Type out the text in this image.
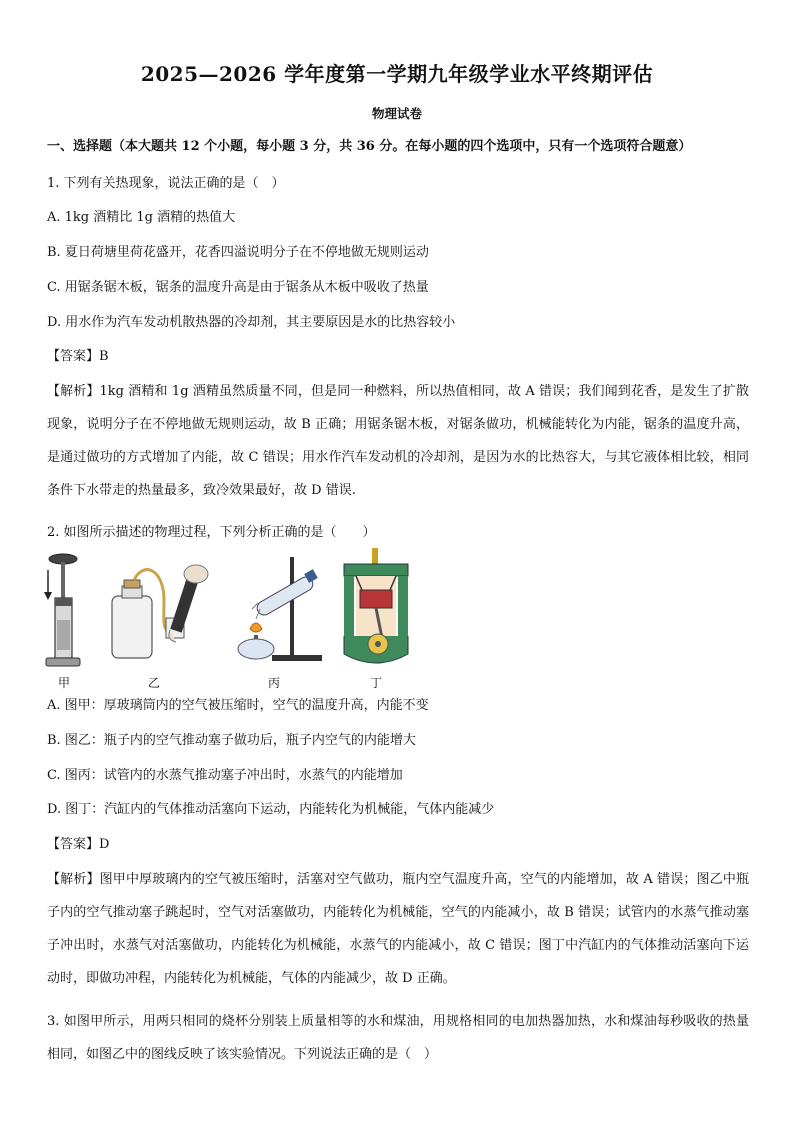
2025—2026 学年度第一学期九年级学业水平终期评估
物理试卷
一、选择题（本大题共 12 个小题，每小题 3 分，共 36 分。在每小题的四个选项中，只有一个选项符合题意）
1. 下列有关热现象，说法正确的是（　）
A. 1kg 酒精比 1g 酒精的热值大
B. 夏日荷塘里荷花盛开，花香四溢说明分子在不停地做无规则运动
C. 用锯条锯木板，锯条的温度升高是由于锯条从木板中吸收了热量
D. 用水作为汽车发动机散热器的冷却剂，其主要原因是水的比热容较小
【答案】B
【解析】1kg 酒精和 1g 酒精虽然质量不同，但是同一种燃料，所以热值相同，故 A 错误；我们闻到花香，是发生了扩散现象，说明分子在不停地做无规则运动，故 B 正确；用锯条锯木板，对锯条做功，机械能转化为内能，锯条的温度升高，是通过做功的方式增加了内能，故 C 错误；用水作汽车发动机的冷却剂，是因为水的比热容大，与其它液体相比较，相同条件下水带走的热量最多，致冷效果最好，故 D 错误.
2. 如图所示描述的物理过程，下列分析正确的是（　　）
甲	乙	丙	丁
A. 图甲：厚玻璃筒内的空气被压缩时，空气的温度升高，内能不变
B. 图乙：瓶子内的空气推动塞子做功后，瓶子内空气的内能增大
C. 图丙：试管内的水蒸气推动塞子冲出时，水蒸气的内能增加
D. 图丁：汽缸内的气体推动活塞向下运动，内能转化为机械能，气体内能减少
【答案】D
【解析】图甲中厚玻璃内的空气被压缩时，活塞对空气做功，瓶内空气温度升高，空气的内能增加，故 A 错误；图乙中瓶子内的空气推动塞子跳起时，空气对活塞做功，内能转化为机械能，空气的内能减小，故 B 错误；试管内的水蒸气推动塞子冲出时，水蒸气对活塞做功，内能转化为机械能，水蒸气的内能减小，故 C 错误；图丁中汽缸内的气体推动活塞向下运动时，即做功冲程，内能转化为机械能，气体的内能减少，故 D 正确。
3. 如图甲所示，用两只相同的烧杯分别装上质量相等的水和煤油，用规格相同的电加热器加热，水和煤油每秒吸收的热量相同，如图乙中的图线反映了该实验情况。下列说法正确的是（　）
